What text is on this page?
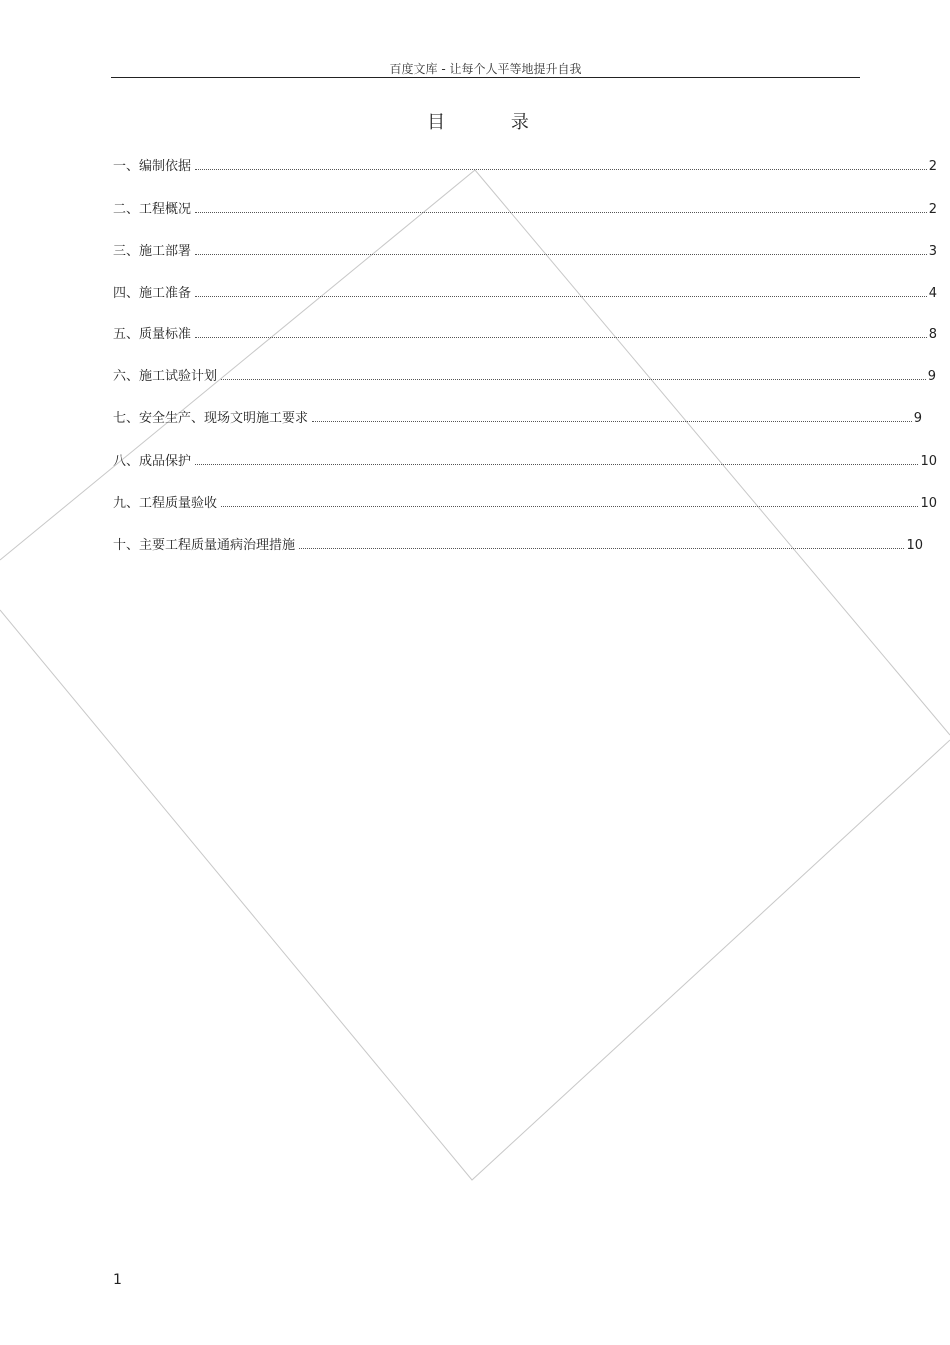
百度文库 - 让每个人平等地提升自我
目 录
一、编制依据	2
二、工程概况	2
三、施工部署	3
四、施工准备	4
五、质量标准	8
六、施工试验计划	9
七、安全生产、现场文明施工要求	9
八、成品保护	10
九、工程质量验收	10
十、主要工程质量通病治理措施	10
1
